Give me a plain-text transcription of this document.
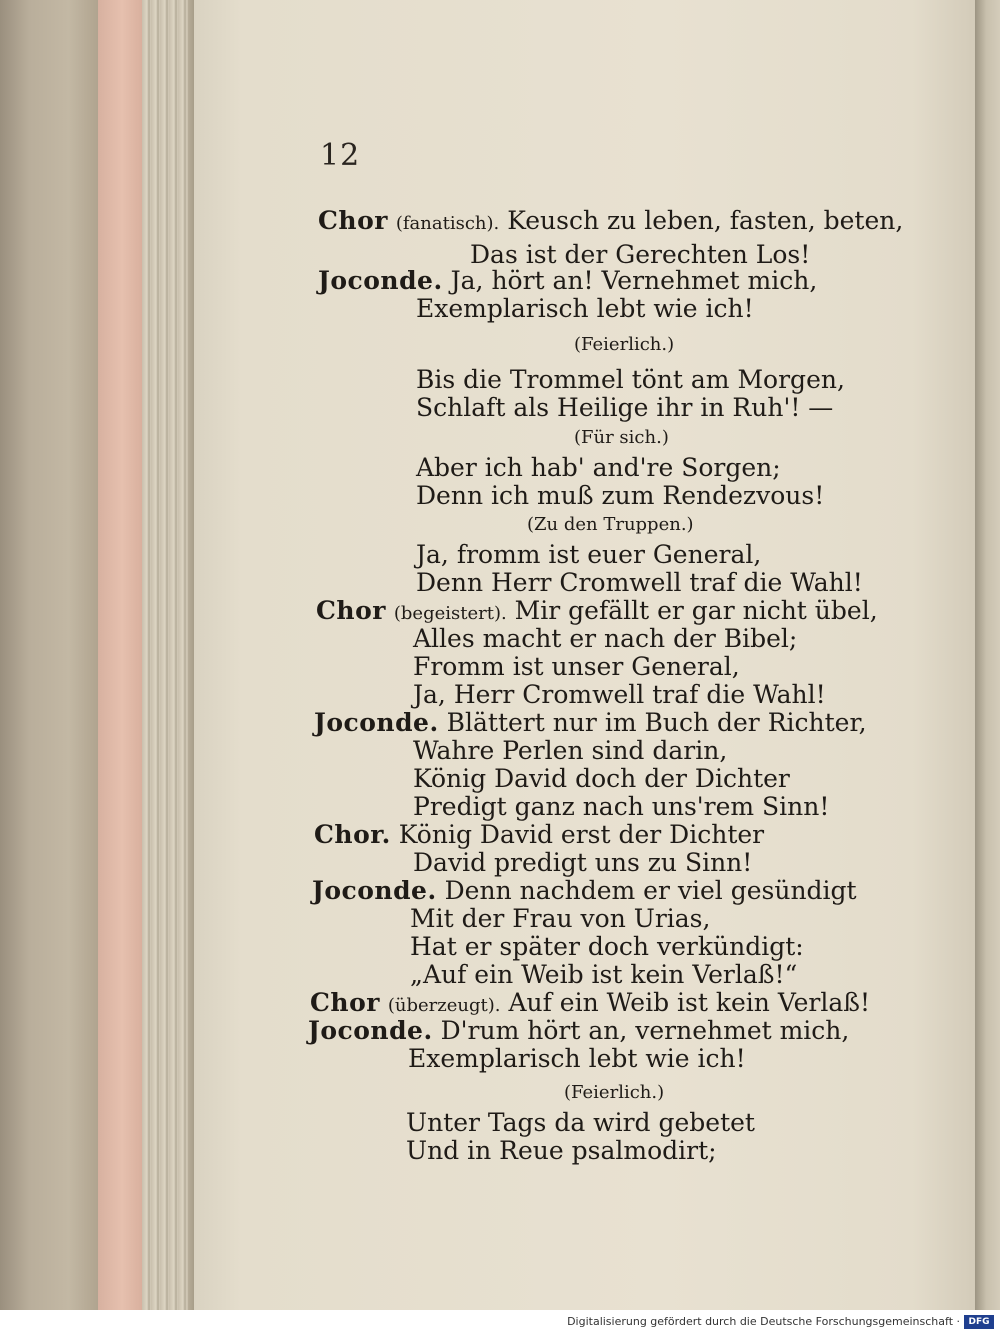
12
Chor (fanatisch). Keusch zu leben, fasten, beten,
Das ist der Gerechten Los!
Joconde. Ja, hört an! Vernehmet mich,
Exemplarisch lebt wie ich!
(Feierlich.)
Bis die Trommel tönt am Morgen,
Schlaft als Heilige ihr in Ruh'! —
(Für sich.)
Aber ich hab' and're Sorgen;
Denn ich muß zum Rendezvous!
(Zu den Truppen.)
Ja, fromm ist euer General,
Denn Herr Cromwell traf die Wahl!
Chor (begeistert). Mir gefällt er gar nicht übel,
Alles macht er nach der Bibel;
Fromm ist unser General,
Ja, Herr Cromwell traf die Wahl!
Joconde. Blättert nur im Buch der Richter,
Wahre Perlen sind darin,
König David doch der Dichter
Predigt ganz nach uns'rem Sinn!
Chor. König David erst der Dichter
David predigt uns zu Sinn!
Joconde. Denn nachdem er viel gesündigt
Mit der Frau von Urias,
Hat er später doch verkündigt:
„Auf ein Weib ist kein Verlaß!“
Chor (überzeugt). Auf ein Weib ist kein Verlaß!
Joconde. D'rum hört an, vernehmet mich,
Exemplarisch lebt wie ich!
(Feierlich.)
Unter Tags da wird gebetet
Und in Reue psalmodirt;
Digitalisierung gefördert durch die Deutsche Forschungsgemeinschaft · DFG
